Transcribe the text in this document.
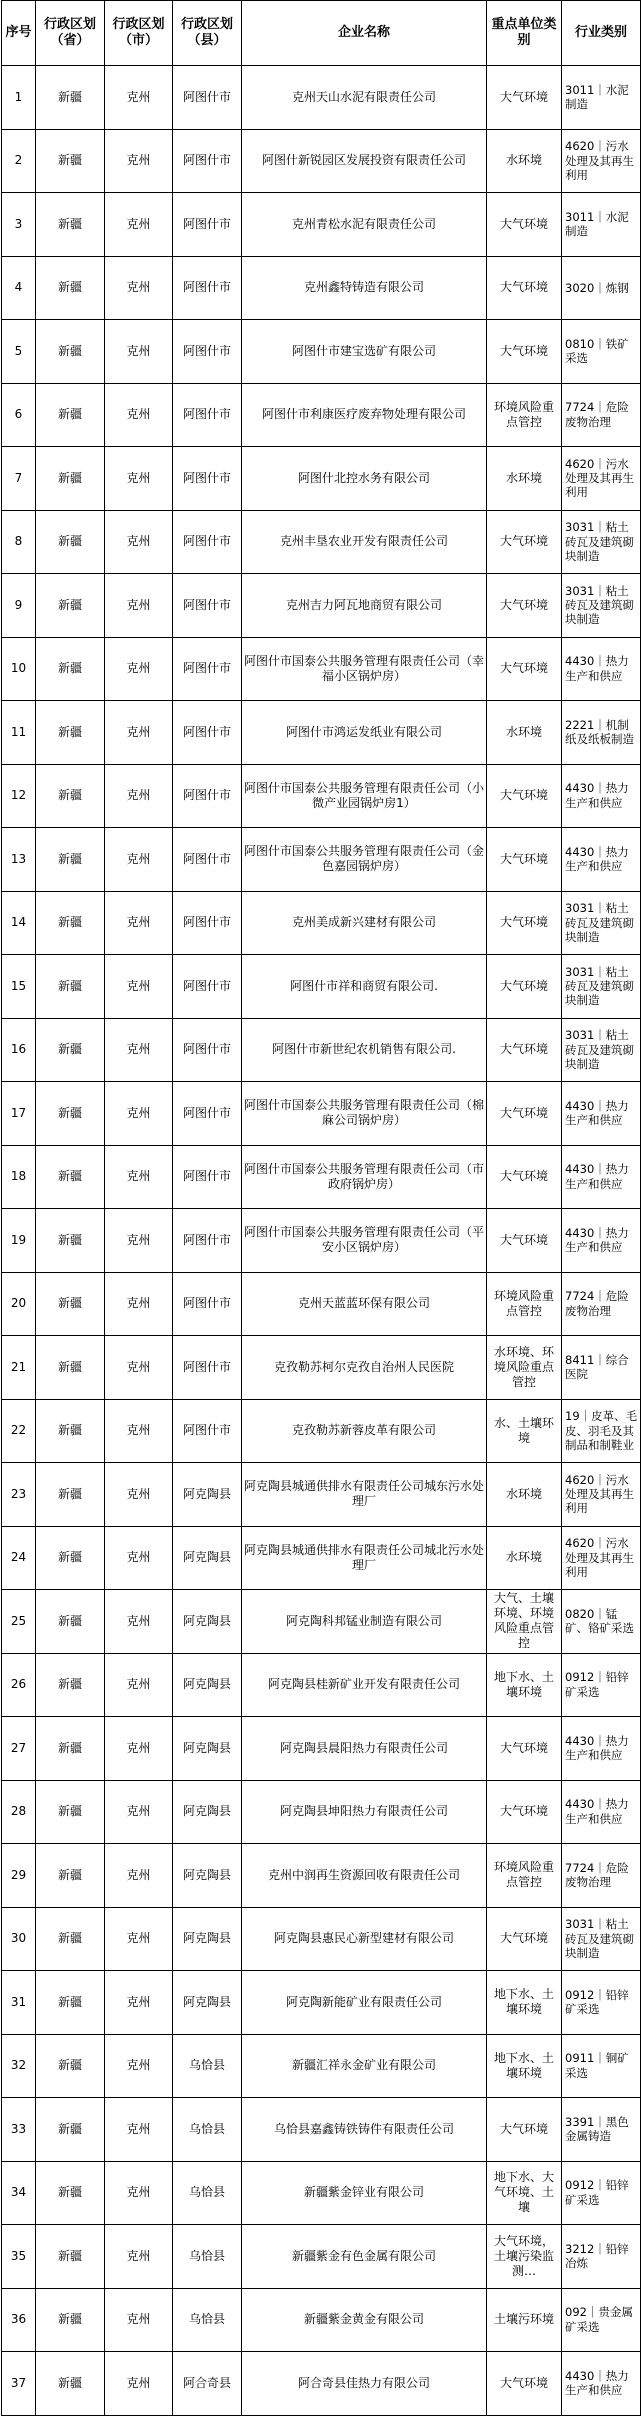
序号	行政区划（省）	行政区划（市）	行政区划（县）	企业名称	重点单位类别	行业类别
1	新疆	克州	阿图什市	克州天山水泥有限责任公司	大气环境	3011｜水泥制造
2	新疆	克州	阿图什市	阿图什新锐园区发展投资有限责任公司	水环境	4620｜污水处理及其再生利用
3	新疆	克州	阿图什市	克州青松水泥有限责任公司	大气环境	3011｜水泥制造
4	新疆	克州	阿图什市	克州鑫特铸造有限公司	大气环境	3020｜炼钢
5	新疆	克州	阿图什市	阿图什市建宝选矿有限公司	大气环境	0810｜铁矿采选
6	新疆	克州	阿图什市	阿图什市利康医疗废弃物处理有限公司	环境风险重点管控	7724｜危险废物治理
7	新疆	克州	阿图什市	阿图什北控水务有限公司	水环境	4620｜污水处理及其再生利用
8	新疆	克州	阿图什市	克州丰垦农业开发有限责任公司	大气环境	3031｜粘土砖瓦及建筑砌块制造
9	新疆	克州	阿图什市	克州吉力阿瓦地商贸有限公司	大气环境	3031｜粘土砖瓦及建筑砌块制造
10	新疆	克州	阿图什市	阿图什市国泰公共服务管理有限责任公司（幸福小区锅炉房）	大气环境	4430｜热力生产和供应
11	新疆	克州	阿图什市	阿图什市鸿运发纸业有限公司	水环境	2221｜机制纸及纸板制造
12	新疆	克州	阿图什市	阿图什市国泰公共服务管理有限责任公司（小微产业园锅炉房1）	大气环境	4430｜热力生产和供应
13	新疆	克州	阿图什市	阿图什市国泰公共服务管理有限责任公司（金色嘉园锅炉房）	大气环境	4430｜热力生产和供应
14	新疆	克州	阿图什市	克州美成新兴建材有限公司	大气环境	3031｜粘土砖瓦及建筑砌块制造
15	新疆	克州	阿图什市	阿图什市祥和商贸有限公司.	大气环境	3031｜粘土砖瓦及建筑砌块制造
16	新疆	克州	阿图什市	阿图什市新世纪农机销售有限公司.	大气环境	3031｜粘土砖瓦及建筑砌块制造
17	新疆	克州	阿图什市	阿图什市国泰公共服务管理有限责任公司（棉麻公司锅炉房）	大气环境	4430｜热力生产和供应
18	新疆	克州	阿图什市	阿图什市国泰公共服务管理有限责任公司（市政府锅炉房）	大气环境	4430｜热力生产和供应
19	新疆	克州	阿图什市	阿图什市国泰公共服务管理有限责任公司（平安小区锅炉房）	大气环境	4430｜热力生产和供应
20	新疆	克州	阿图什市	克州天蓝蓝环保有限公司	环境风险重点管控	7724｜危险废物治理
21	新疆	克州	阿图什市	克孜勒苏柯尔克孜自治州人民医院	水环境、环境风险重点管控	8411｜综合医院
22	新疆	克州	阿图什市	克孜勒苏新蓉皮革有限公司	水、土壤环境	19｜皮革、毛皮、羽毛及其制品和制鞋业
23	新疆	克州	阿克陶县	阿克陶县城通供排水有限责任公司城东污水处理厂	水环境	4620｜污水处理及其再生利用
24	新疆	克州	阿克陶县	阿克陶县城通供排水有限责任公司城北污水处理厂	水环境	4620｜污水处理及其再生利用
25	新疆	克州	阿克陶县	阿克陶科邦锰业制造有限公司	大气、土壤环境、环境风险重点管控	0820｜锰矿、铬矿采选
26	新疆	克州	阿克陶县	阿克陶县桂新矿业开发有限责任公司	地下水、土壤环境	0912｜铅锌矿采选
27	新疆	克州	阿克陶县	阿克陶县晨阳热力有限责任公司	大气环境	4430｜热力生产和供应
28	新疆	克州	阿克陶县	阿克陶县坤阳热力有限责任公司	大气环境	4430｜热力生产和供应
29	新疆	克州	阿克陶县	克州中润再生资源回收有限责任公司	环境风险重点管控	7724｜危险废物治理
30	新疆	克州	阿克陶县	阿克陶县惠民心新型建材有限公司	大气环境	3031｜粘土砖瓦及建筑砌块制造
31	新疆	克州	阿克陶县	阿克陶新能矿业有限责任公司	地下水、土壤环境	0912｜铅锌矿采选
32	新疆	克州	乌恰县	新疆汇祥永金矿业有限公司	地下水、土壤环境	0911｜铜矿采选
33	新疆	克州	乌恰县	乌恰县嘉鑫铸铁铸件有限责任公司	大气环境	3391｜黑色金属铸造
34	新疆	克州	乌恰县	新疆紫金锌业有限公司	地下水、大气环境、土壤	0912｜铅锌矿采选
35	新疆	克州	乌恰县	新疆紫金有色金属有限公司	大气环境，土壤污染监测…	3212｜铅锌冶炼
36	新疆	克州	乌恰县	新疆紫金黄金有限公司	土壤污环境	092｜贵金属矿采选
37	新疆	克州	阿合奇县	阿合奇县佳热力有限公司	大气环境	4430｜热力生产和供应
